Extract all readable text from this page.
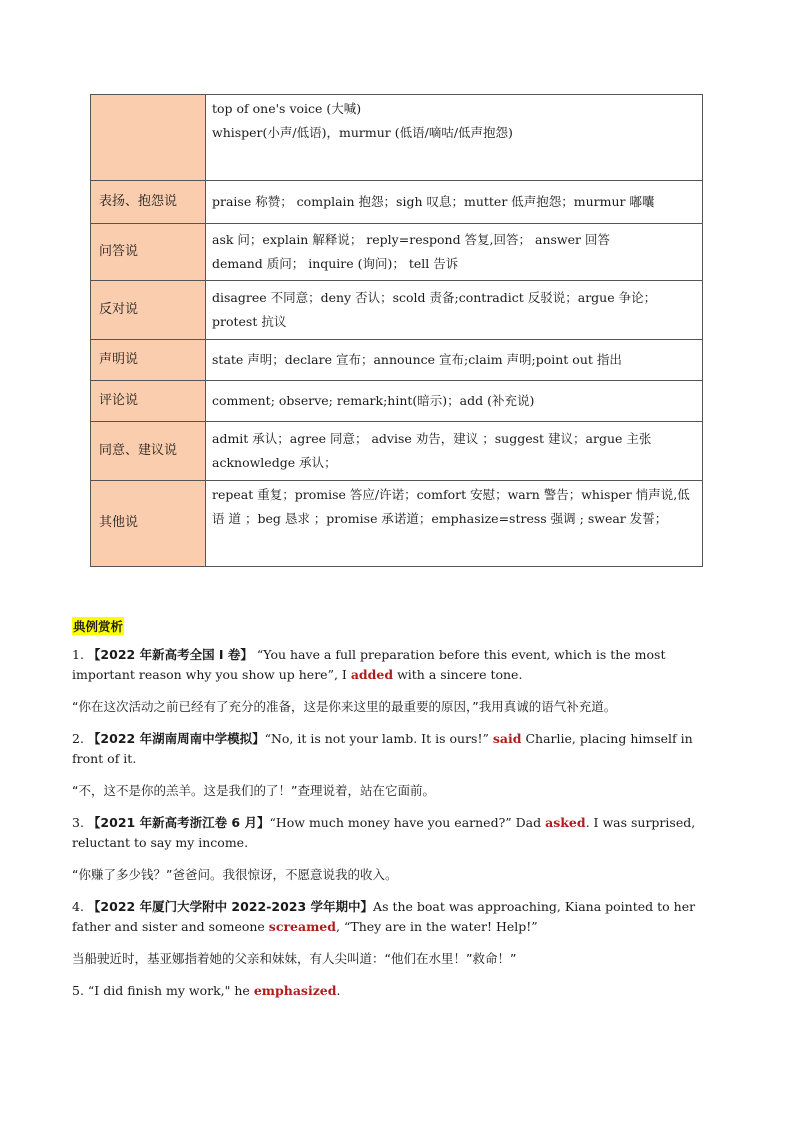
	top of one's voice (大喊)
whisper(小声/低语)，murmur (低语/嘀咕/低声抱怨)

表扬、抱怨说	praise 称赞； complain 抱怨；sigh 叹息；mutter 低声抱怨；murmur 嘟囔

问答说	ask 问；explain 解释说； reply=respond 答复,回答； answer 回答
demand 质问； inquire (询问)； tell 告诉

反对说	disagree 不同意；deny 否认；scold 责备;contradict 反驳说；argue 争论；protest 抗议

声明说	state 声明；declare 宣布；announce 宣布;claim 声明;point out 指出

评论说	comment; observe; remark;hint(暗示)；add (补充说)

同意、建议说	admit 承认；agree 同意； advise 劝告，建议 ；suggest 建议；argue 主张
acknowledge 承认；

其他说	repeat 重复；promise 答应/许诺；comfort 安慰；warn 警告；whisper 悄声说,低语 道 ；beg 恳求 ；promise 承诺道；emphasize=stress 强调 ; swear 发誓；
典例赏析
1. 【2022 年新高考全国 I 卷】 “You have a full preparation before this event, which is the most important reason why you show up here”, I added with a sincere tone.
“你在这次活动之前已经有了充分的准备，这是你来这里的最重要的原因，”我用真诚的语气补充道。
2. 【2022 年湖南周南中学模拟】“No, it is not your lamb. It is ours!” said Charlie, placing himself in front of it.
“不，这不是你的羔羊。这是我们的了！”查理说着，站在它面前。
3. 【2021 年新高考浙江卷 6 月】“How much money have you earned?” Dad asked. I was surprised, reluctant to say my income.
“你赚了多少钱？”爸爸问。我很惊讶，不愿意说我的收入。
4. 【2022 年厦门大学附中 2022-2023 学年期中】As the boat was approaching, Kiana pointed to her father and sister and someone screamed, “They are in the water! Help!”
当船驶近时，基亚娜指着她的父亲和妹妹，有人尖叫道：“他们在水里！”救命！”
5. “I did finish my work," he emphasized.
